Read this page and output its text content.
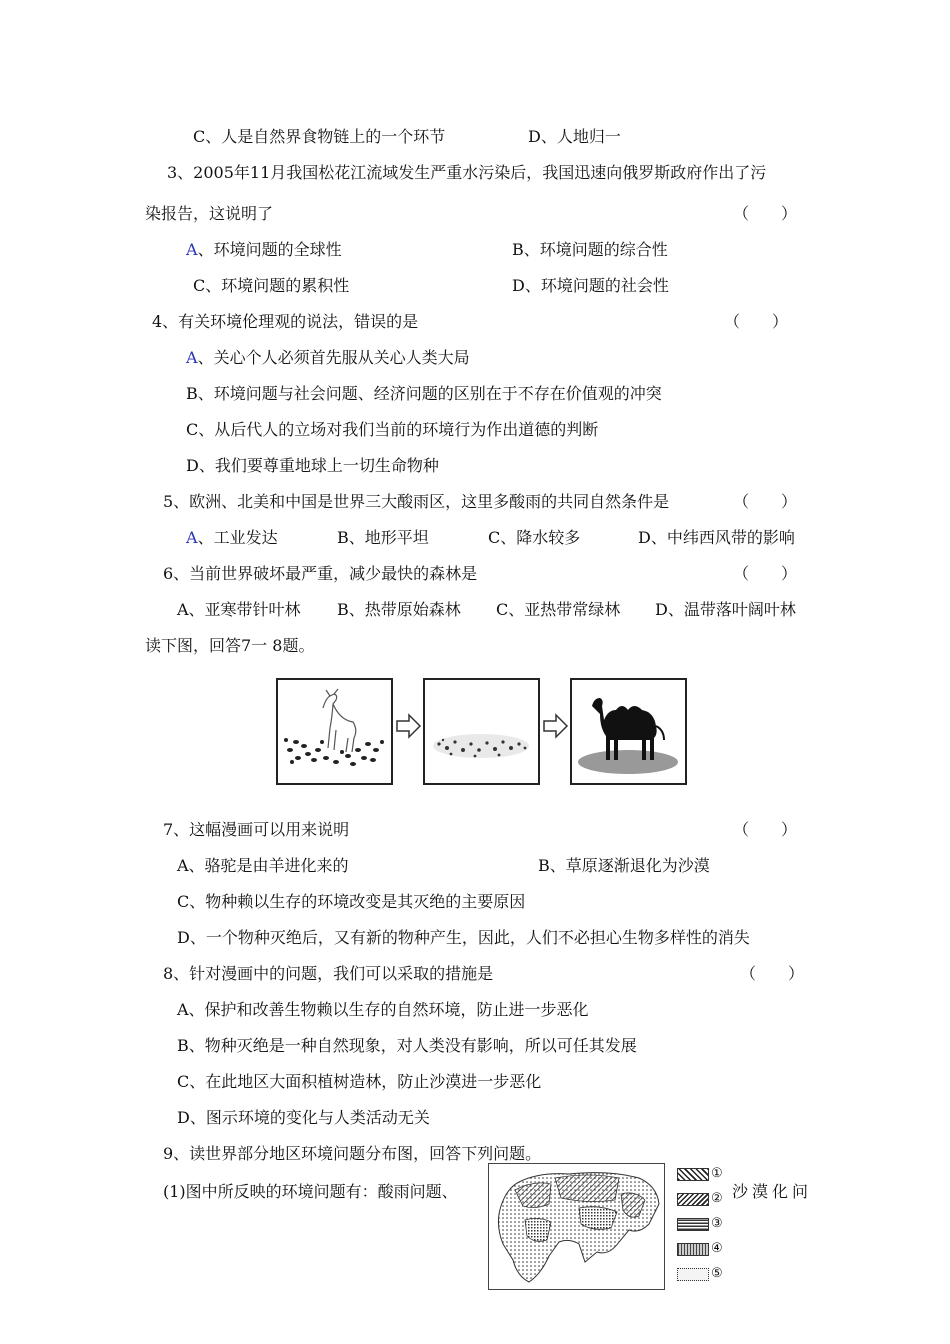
C、人是自然界食物链上的一个环节	D、人地归一
3、2005年11月我国松花江流域发生严重水污染后，我国迅速向俄罗斯政府作出了污
染报告，这说明了	（　　）
A、环境问题的全球性	B、环境问题的综合性
C、环境问题的累积性	D、环境问题的社会性
4、有关环境伦理观的说法，错误的是	（　　）
A、关心个人必须首先服从关心人类大局
B、环境问题与社会问题、经济问题的区别在于不存在价值观的冲突
C、从后代人的立场对我们当前的环境行为作出道德的判断
D、我们要尊重地球上一切生命物种
5、欧洲、北美和中国是世界三大酸雨区，这里多酸雨的共同自然条件是	（　　）
A、工业发达	B、地形平坦	C、降水较多	D、中纬西风带的影响
6、当前世界破坏最严重，减少最快的森林是	（　　）
A、亚寒带针叶林 B、热带原始森林 C、亚热带常绿林 D、温带落叶阔叶林
读下图，回答7一 8题。
7、这幅漫画可以用来说明	（　　）
A、骆驼是由羊进化来的	B、草原逐渐退化为沙漠
C、物种赖以生存的环境改变是其灭绝的主要原因
D、一个物种灭绝后，又有新的物种产生，因此，人们不必担心生物多样性的消失
8、针对漫画中的问题，我们可以采取的措施是	（　　）
A、保护和改善生物赖以生存的自然环境，防止进一步恶化
B、物种灭绝是一种自然现象，对人类没有影响，所以可任其发展
C、在此地区大面积植树造林，防止沙漠进一步恶化
D、图示环境的变化与人类活动无关
9、读世界部分地区环境问题分布图，回答下列问题。
(1)图中所反映的环境问题有：酸雨问题、	沙漠化问
①
②
③
④
⑤
